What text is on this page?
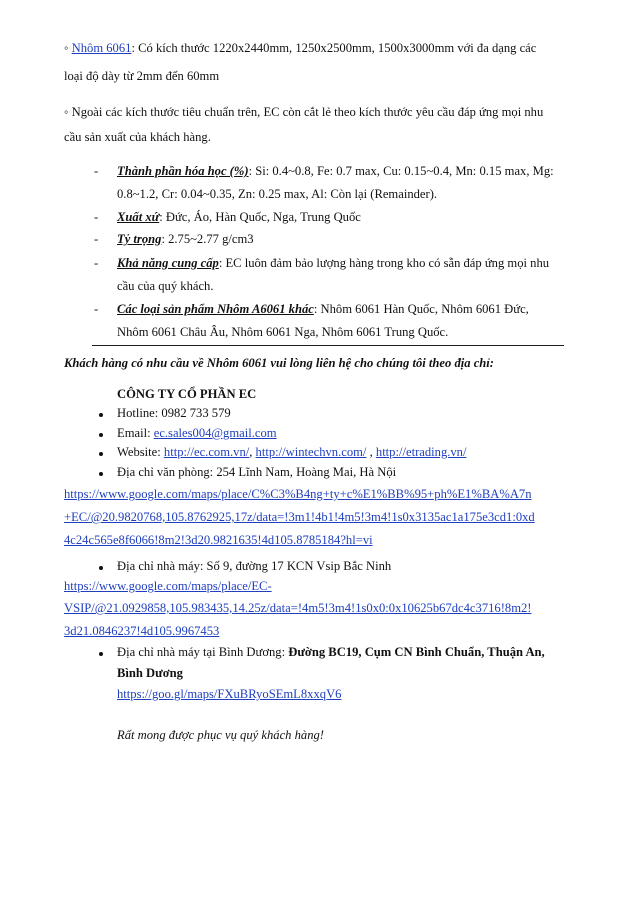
◦ Nhôm 6061: Có kích thước 1220x2440mm, 1250x2500mm, 1500x3000mm với đa dạng các
loại độ dày từ 2mm đến 60mm
◦ Ngoài các kích thước tiêu chuẩn trên, EC còn cắt lẻ theo kích thước yêu cầu đáp ứng mọi nhu
cầu sản xuất của khách hàng.
- Thành phần hóa học (%): Si: 0.4~0.8, Fe: 0.7 max, Cu: 0.15~0.4, Mn: 0.15 max, Mg:
0.8~1.2, Cr: 0.04~0.35, Zn: 0.25 max, Al: Còn lại (Remainder).
- Xuất xứ: Đức, Áo, Hàn Quốc, Nga, Trung Quốc
- Tỷ trọng: 2.75~2.77 g/cm3
- Khả năng cung cấp: EC luôn đảm bảo lượng hàng trong kho có sẵn đáp ứng mọi nhu
cầu của quý khách.
- Các loại sản phẩm Nhôm A6061 khác: Nhôm 6061 Hàn Quốc, Nhôm 6061 Đức,
Nhôm 6061 Châu Âu, Nhôm 6061 Nga, Nhôm 6061 Trung Quốc.
Khách hàng có nhu cầu về Nhôm 6061 vui lòng liên hệ cho chúng tôi theo địa chỉ:
CÔNG TY CỔ PHẦN EC
Hotline: 0982 733 579
Email: ec.sales004@gmail.com
Website: http://ec.com.vn/, http://wintechvn.com/ , http://etrading.vn/
Địa chỉ văn phòng: 254 Lĩnh Nam, Hoàng Mai, Hà Nội
https://www.google.com/maps/place/C%C3%B4ng+ty+c%E1%BB%95+ph%E1%BA%A7n
+EC/@20.9820768,105.8762925,17z/data=!3m1!4b1!4m5!3m4!1s0x3135ac1a175e3cd1:0xd
4c24c565e8f6066!8m2!3d20.9821635!4d105.8785184?hl=vi
Địa chỉ nhà máy: Số 9, đường 17 KCN Vsip Bắc Ninh
https://www.google.com/maps/place/EC-
VSIP/@21.0929858,105.983435,14.25z/data=!4m5!3m4!1s0x0:0x10625b67dc4c3716!8m2!
3d21.0846237!4d105.9967453
Địa chỉ nhà máy tại Bình Dương: Đường BC19, Cụm CN Bình Chuẩn, Thuận An,
Bình Dương
https://goo.gl/maps/FXuBRyoSEmL8xxqV6
Rất mong được phục vụ quý khách hàng!
